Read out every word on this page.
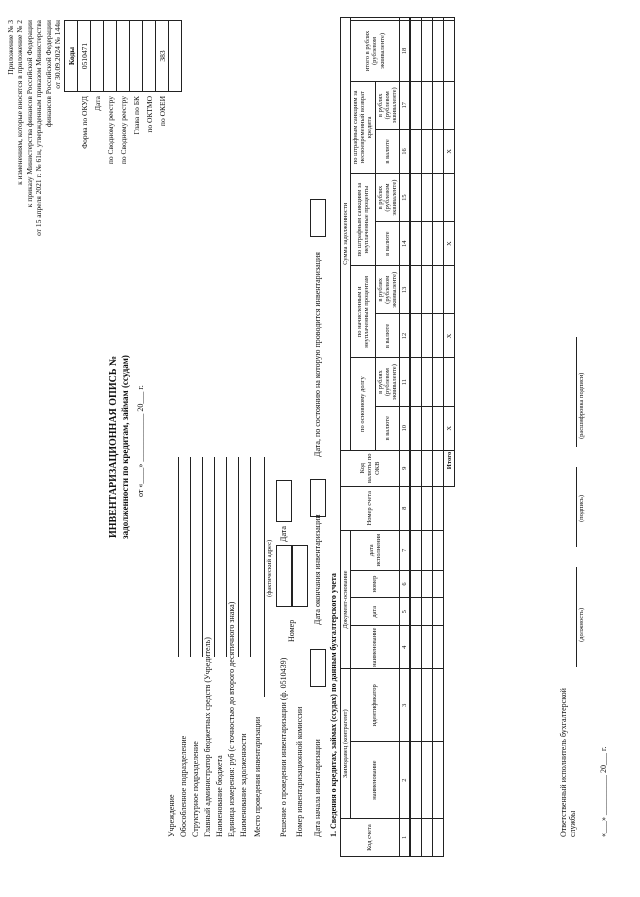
Приложение № 3 к изменениям, которые вносятся в приложение № 2 к приказу Министерства финансов Российской Федерации от 15 апреля 2021 г. № 61н, утвержденным приказом Министерства финансов Российской Федерации от 30.09.2024 № 144н
	Коды
Форма по ОКУД	0510471
Дата	
по Сводному реестру	
по Сводному реестру	
Глава по БК	
по ОКТМО	
по ОКЕИ	383

ИНВЕНТАРИЗАЦИОННАЯ ОПИСЬ № задолженности по кредитам, займам (ссудам) от «____» ____________ 20___ г.
Учреждение Обособленное подразделение Структурное подразделение Главный администратор бюджетных средств (Учредитель) Наименование бюджета Единица измерения: руб (с точностью до второго десятичного знака) Наименование задолженности Место проведения инвентаризации
(фактический адрес)
Решение о проведении инвентаризации (ф. 0510439)
Номер
Дата
Номер инвентаризационной комиссии Дата начала инвентаризации
Дата окончания инвентаризации
Дата, по состоянию на которую проводится инвентаризация
1. Сведения о кредитах, займах (ссудах) по данным бухгалтерского учета
Код счета	Заимодавец (контрагент)		Документ-основание				Номер счета	Код валюты по ОКВ	Сумма задолженности									
	наименование	идентификатор	наименование	дата	номер	дата исполнения			по основному долгу		по начисленным и неуплаченным процентам		по штрафным санкциям за неуплаченные проценты		по штрафным санкциям за несвоевременный возврат кредита		итого в рублях (рублевом эквиваленте)	
									в валюте	в рублях (рублевом эквиваленте)	в валюте	в рублях (рублевом эквиваленте)	в валюте	в рублях (рублевом эквиваленте)	в валюте	в рублях (рублевом эквиваленте)		
1	2	3	4	5	6	7	8	9	10	11	12	13	14	15	16	17	18	

								Итого	X		X		X		X			
Ответственный исполнитель бухгалтерской службы
(должность)
(подпись)
(расшифровка подписи)
«___» __________ 20___ г.
